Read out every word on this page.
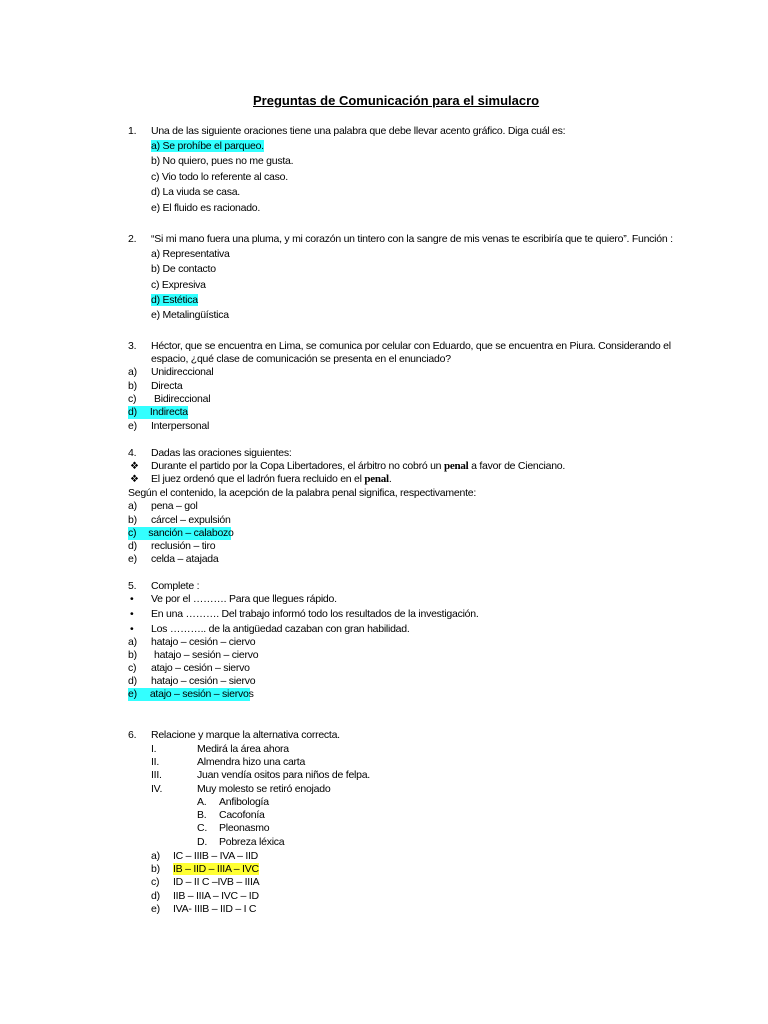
Preguntas de Comunicación para el simulacro
1. Una de las siguiente oraciones tiene una palabra que debe llevar acento gráfico. Diga cuál es:
a) Se prohíbe el parqueo.
b) No quiero, pues no me gusta.
c) Vio todo lo referente al caso.
d) La viuda se casa.
e) El fluido es racionado.
2. “Si mi mano fuera una pluma, y mi corazón un tintero con la sangre de mis venas te escribiría que te quiero”. Función :
a) Representativa
b) De contacto
c) Expresiva
d) Estética
e) Metalingüística
3. Héctor, que se encuentra en Lima, se comunica por celular con Eduardo, que se encuentra en Piura. Considerando el
espacio, ¿qué clase de comunicación se presenta en el enunciado?
a) Unidireccional
b) Directa
c) Bidireccional
d) Indirecta
e) Interpersonal
4. Dadas las oraciones siguientes:
❖ Durante el partido por la Copa Libertadores, el árbitro no cobró un penal a favor de Cienciano.
❖ El juez ordenó que el ladrón fuera recluido en el penal.
Según el contenido, la acepción de la palabra penal significa, respectivamente:
a) pena – gol
b) cárcel – expulsión
c) sanción – calabozo
d) reclusión – tiro
e) celda – atajada
5. Complete :
• Ve por el ………. Para que llegues rápido.
• En una ………. Del trabajo informó todo los resultados de la investigación.
• Los ……….. de la antigüedad cazaban con gran habilidad.
a) hatajo – cesión – ciervo
b) hatajo – sesión – ciervo
c) atajo – cesión – siervo
d) hatajo – cesión – siervo
e) atajo – sesión – siervos
6. Relacione y marque la alternativa correcta.
I.	Medirá la área ahora
II.	Almendra hizo una carta
III.	Juan vendía ositos para niños de felpa.
IV.	Muy molesto se retiró enojado
A. Anfibología
B. Cacofonía
C. Pleonasmo
D. Pobreza léxica
a) IC – IIIB – IVA – IID
b) IB – IID – IIIA – IVC
c) ID – II C –IVB – IIIA
d) IIB – IIIA – IVC – ID
e) IVA- IIIB – IID – I C
